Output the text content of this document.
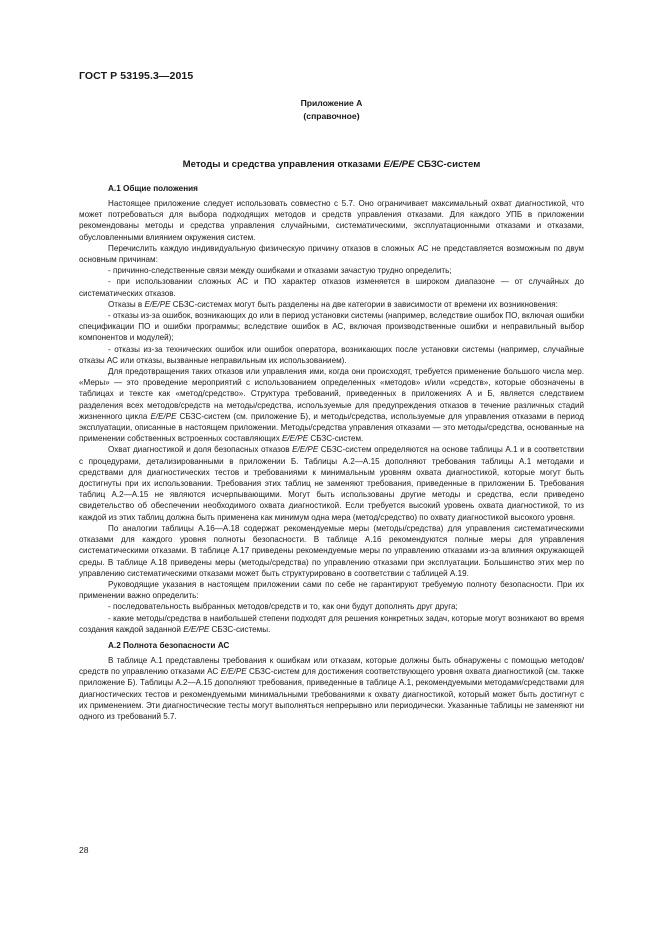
ГОСТ Р 53195.3—2015
Приложение А
(справочное)
Методы и средства управления отказами E/E/PE СБЗС-систем
А.1 Общие положения

Настоящее приложение следует использовать совместно с 5.7. Оно ограничивает максимальный охват диагностикой, что может потребоваться для выбора подходящих методов и средств управления отказами. Для каждого УПБ в приложении рекомендованы методы и средства управления случайными, систематическими, эксплуатационными отказами и отказами, обусловленными влиянием окружения систем.

Перечислить каждую индивидуальную физическую причину отказов в сложных АС не представляется возможным по двум основным причинам:

- причинно-следственные связи между ошибками и отказами зачастую трудно определить;

- при использовании сложных АС и ПО характер отказов изменяется в широком диапазоне — от случайных до систематических отказов.

Отказы в E/E/PE СБЗС-системах могут быть разделены на две категории в зависимости от времени их возникновения:

- отказы из-за ошибок, возникающих до или в период установки системы (например, вследствие ошибок ПО, включая ошибки спецификации ПО и ошибки программы; вследствие ошибок в АС, включая производственные ошибки и неправильный выбор компонентов и модулей);

- отказы из-за технических ошибок или ошибок оператора, возникающих после установки системы (например, случайные отказы АС или отказы, вызванные неправильным их использованием).

Для предотвращения таких отказов или управления ими, когда они происходят, требуется применение большого числа мер. «Меры» — это проведение мероприятий с использованием определенных «методов» и/или «средств», которые обозначены в таблицах и тексте как «метод/средство». Структура требований, приведенных в приложениях А и Б, является следствием разделения всех методов/средств на методы/средства, используемые для предупреждения отказов в течение различных стадий жизненного цикла E/E/PE СБЗС-систем (см. приложение Б), и методы/средства, используемые для управления отказами в период эксплуатации, описанные в настоящем приложении. Методы/средства управления отказами — это методы/средства, основанные на применении собственных встроенных составляющих E/E/PE СБЗС-систем.

Охват диагностикой и доля безопасных отказов E/E/PE СБЗС-систем определяются на основе таблицы А.1 и в соответствии с процедурами, детализированными в приложении Б. Таблицы А.2—А.15 дополняют требования таблицы А.1 методами и средствами для диагностических тестов и требованиями к минимальным уровням охвата диагностикой, которые могут быть достигнуты при их использовании. Требования этих таблиц не заменяют требования, приведенные в приложении Б. Требования таблиц А.2—А.15 не являются исчерпывающими. Могут быть использованы другие методы и средства, если приведено свидетельство об обеспечении необходимого охвата диагностикой. Если требуется высокий уровень охвата диагностикой, то из каждой из этих таблиц должна быть применена как минимум одна мера (метод/средство) по охвату диагностикой высокого уровня.

По аналогии таблицы А.16—А.18 содержат рекомендуемые меры (методы/средства) для управления систематическими отказами для каждого уровня полноты безопасности. В таблице А.16 рекомендуются полные меры для управления систематическими отказами. В таблице А.17 приведены рекомендуемые меры по управлению отказами из-за влияния окружающей среды. В таблице А.18 приведены меры (методы/средства) по управлению отказами при эксплуатации. Большинство этих мер по управлению систематическими отказами может быть структурировано в соответствии с таблицей А.19.

Руководящие указания в настоящем приложении сами по себе не гарантируют требуемую полноту безопасности. При их применении важно определить:

- последовательность выбранных методов/средств и то, как они будут дополнять друг друга;

- какие методы/средства в наибольшей степени подходят для решения конкретных задач, которые могут возникают во время создания каждой заданной E/E/PE СБЗС-системы.

А.2 Полнота безопасности АС

В таблице А.1 представлены требования к ошибкам или отказам, которые должны быть обнаружены с помощью методов/средств по управлению отказами АС E/E/PE СБЗС-систем для достижения соответствующего уровня охвата диагностикой (см. также приложение Б). Таблицы А.2—А.15 дополняют требования, приведенные в таблице А.1, рекомендуемыми методами/средствами для диагностических тестов и рекомендуемыми минимальными требованиями к охвату диагностикой, который может быть достигнут с их применением. Эти диагностические тесты могут выполняться непрерывно или периодически. Указанные таблицы не заменяют ни одного из требований 5.7.

28
